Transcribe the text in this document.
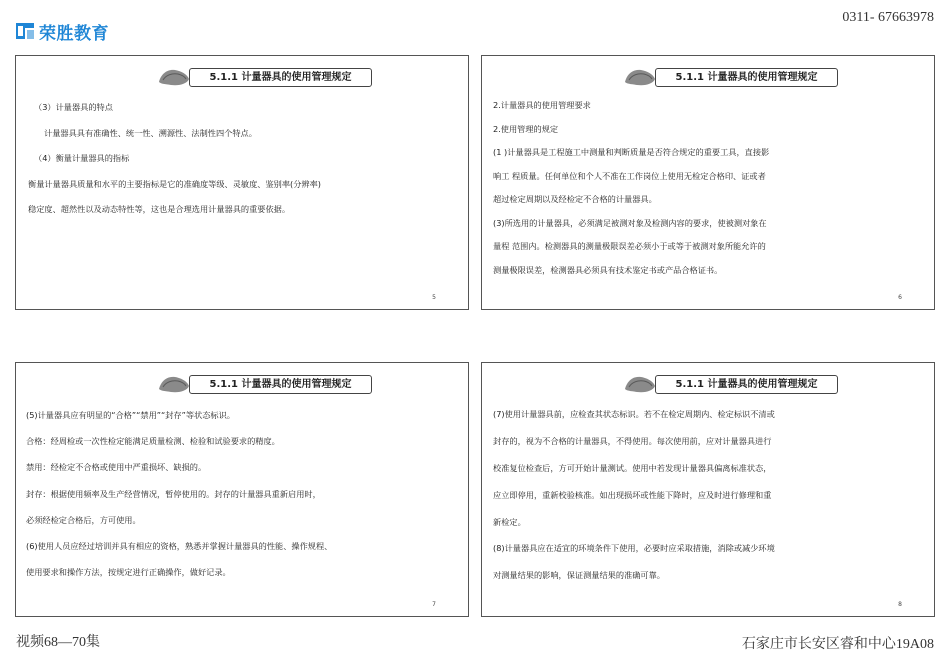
荣胜教育
0311- 67663978
5.1.1 计量器具的使用管理规定

（3）计量器具的特点

计量器具具有准确性、统一性、溯源性、法制性四个特点。

（4）衡量计量器具的指标

衡量计量器具质量和水平的主要指标是它的准确度等级、灵敏度、鉴别率(分辨率)

稳定度、超然性以及动态特性等，这也是合理选用计量器具的重要依据。

5
5.1.1 计量器具的使用管理规定

2.计量器具的使用管理要求

2.使用管理的规定

(1 )计量器具是工程施工中测量和判断质量是否符合规定的重要工具，直接影

响工 程质量。任何单位和个人不准在工作岗位上使用无检定合格印、证或者

超过检定周期以及经检定不合格的计量器具。

(3)所选用的计量器具，必须满足被测对象及检测内容的要求，使被测对象在

量程 范围内。检测器具的测量极限误差必须小于或等于被测对象所能允许的

测量极限误差，检测器具必须具有技术鉴定书或产品合格证书。

6
5.1.1 计量器具的使用管理规定

(5)计量器具应有明显的“合格”“禁用”“封存”等状态标识。

合格：经周检或一次性检定能满足质量检测、检验和试验要求的精度。

禁用：经检定不合格或使用中严重损坏、缺损的。

封存：根据使用频率及生产经营情况，暂停使用的。封存的计量器具重新启用时，

必须经检定合格后，方可使用。

(6)使用人员应经过培训并具有相应的资格，熟悉并掌握计量器具的性能、操作规程、

使用要求和操作方法，按规定进行正确操作，做好记录。

7
5.1.1 计量器具的使用管理规定

(7)使用计量器具前，应检查其状态标识。若不在检定周期内、检定标识不清或

封存的，视为不合格的计量器具，不得使用。每次使用前，应对计量器具进行

校准复位检查后，方可开始计量测试。使用中若发现计量器具偏离标准状态，

应立即停用，重新校验核准。如出现损坏或性能下降时，应及时进行修理和重

新检定。

(8)计量器具应在适宜的环境条件下使用，必要时应采取措施，消除或减少环境

对测量结果的影响，保证测量结果的准确可靠。

8
视频68—70集	石家庄市长安区睿和中心19A08
